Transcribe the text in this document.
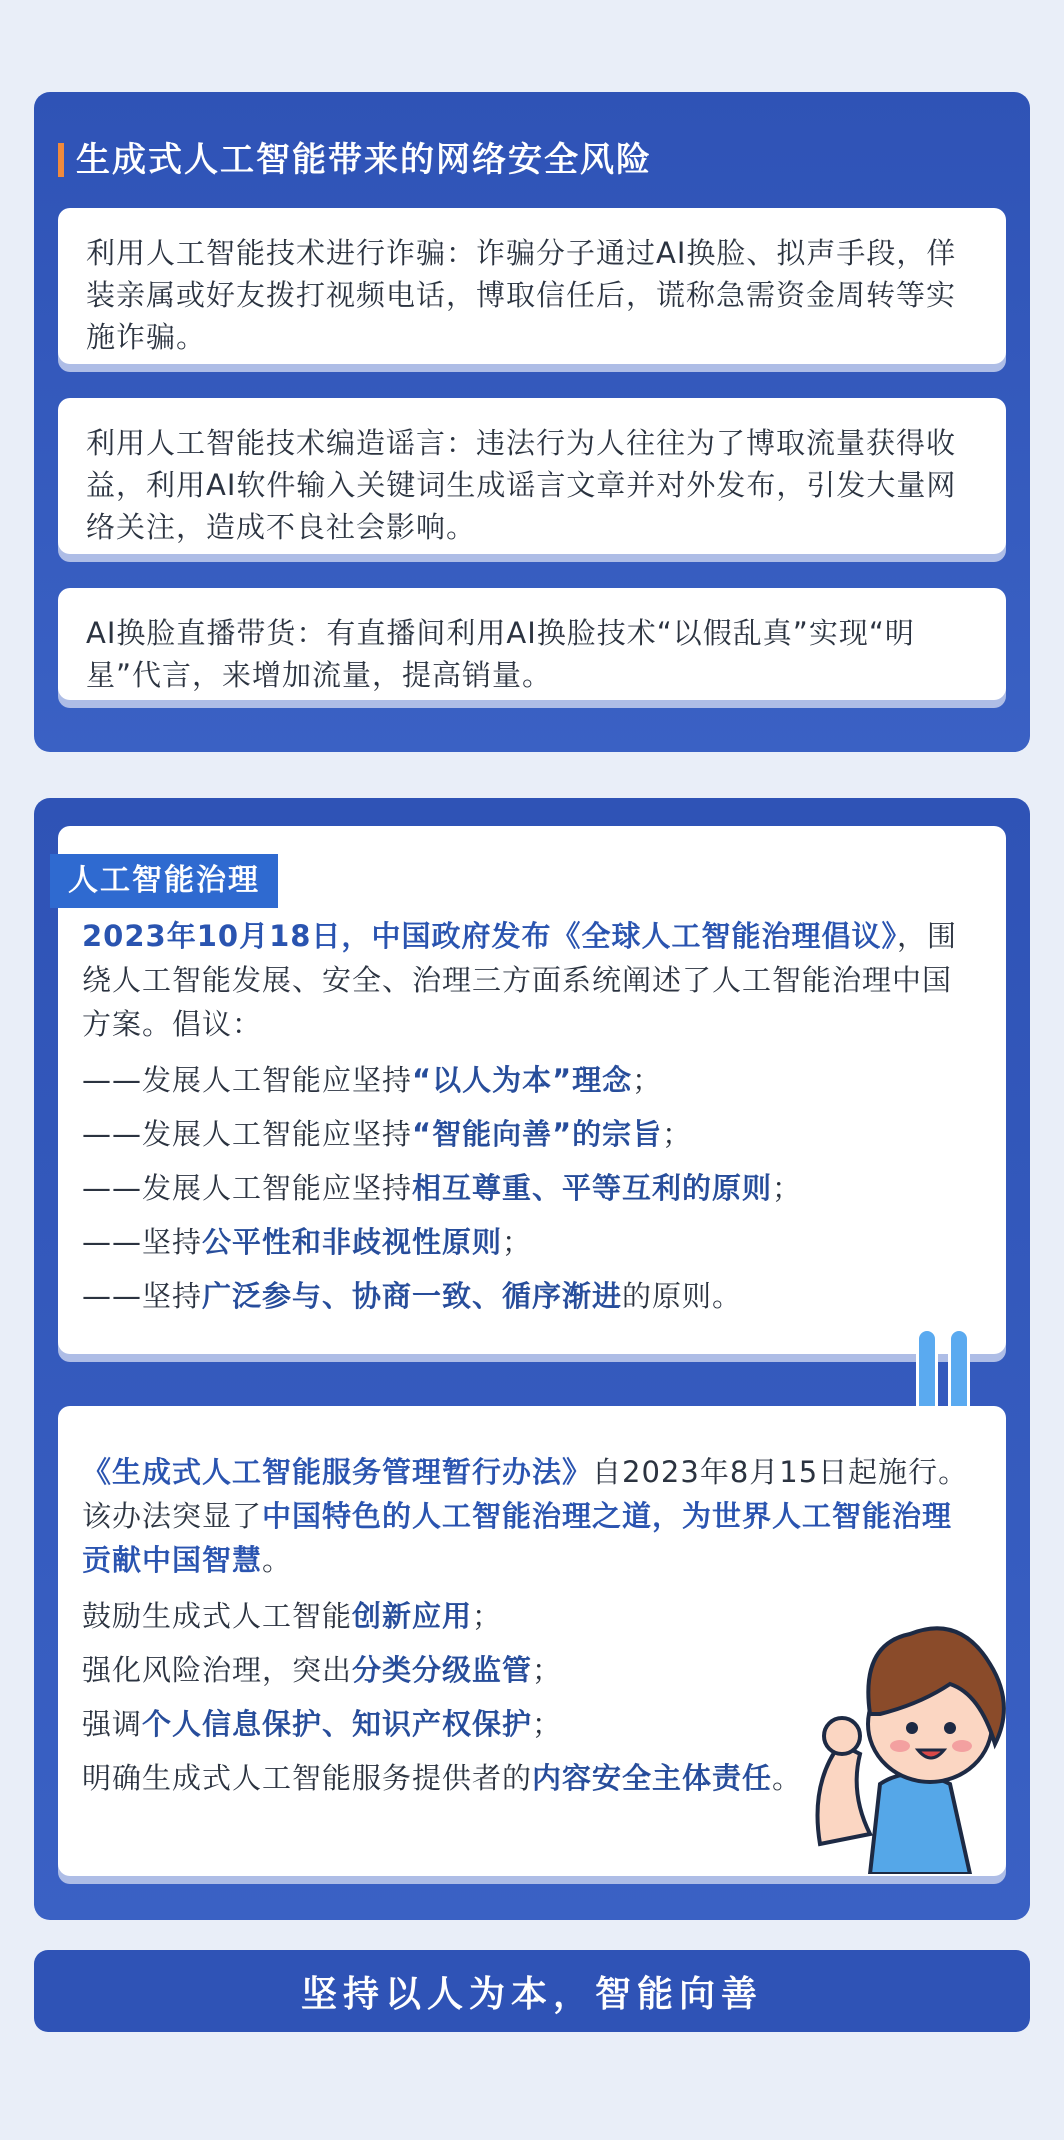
生成式人工智能带来的网络安全风险
利用人工智能技术进行诈骗：诈骗分子通过AI换脸、拟声手段，佯装亲属或好友拨打视频电话，博取信任后，谎称急需资金周转等实施诈骗。
利用人工智能技术编造谣言：违法行为人往往为了博取流量获得收益，利用AI软件输入关键词生成谣言文章并对外发布，引发大量网络关注，造成不良社会影响。
AI换脸直播带货：有直播间利用AI换脸技术“以假乱真”实现“明星”代言，来增加流量，提高销量。
人工智能治理
2023年10月18日，中国政府发布《全球人工智能治理倡议》，围绕人工智能发展、安全、治理三方面系统阐述了人工智能治理中国方案。倡议：
——发展人工智能应坚持“以人为本”理念；
——发展人工智能应坚持“智能向善”的宗旨；
——发展人工智能应坚持相互尊重、平等互利的原则；
——坚持公平性和非歧视性原则；
——坚持广泛参与、协商一致、循序渐进的原则。
《生成式人工智能服务管理暂行办法》自2023年8月15日起施行。该办法突显了中国特色的人工智能治理之道，为世界人工智能治理贡献中国智慧。
鼓励生成式人工智能创新应用；
强化风险治理，突出分类分级监管；
强调个人信息保护、知识产权保护；
明确生成式人工智能服务提供者的内容安全主体责任。
坚持以人为本，智能向善
